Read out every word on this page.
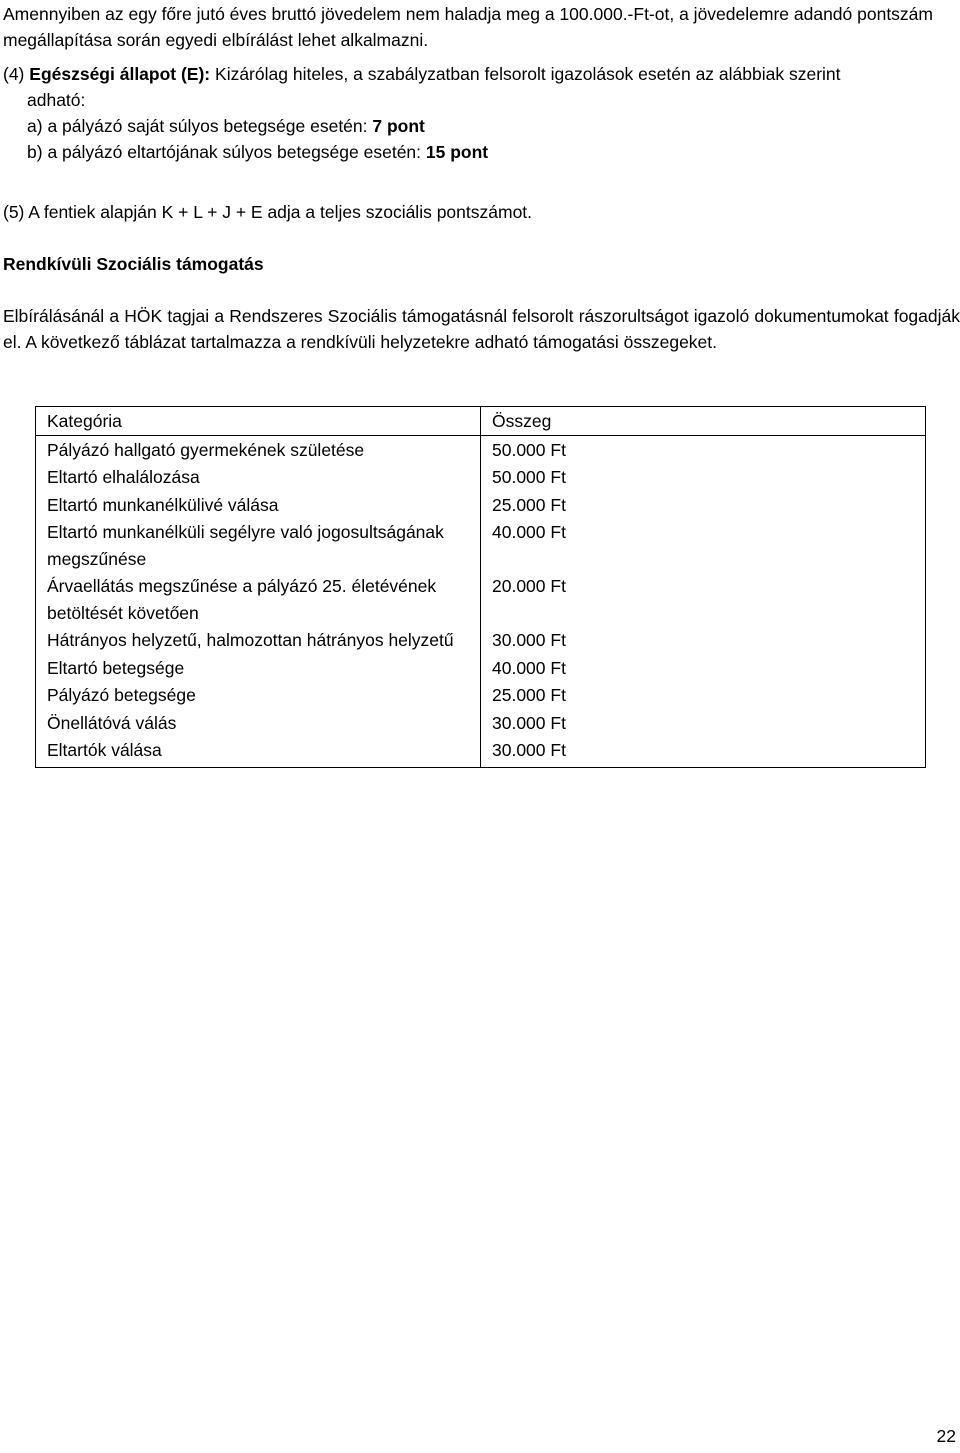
Amennyiben az egy főre jutó éves bruttó jövedelem nem haladja meg a 100.000.-Ft-ot, a jövedelemre adandó pontszám megállapítása során egyedi elbírálást lehet alkalmazni.

(4) Egészségi állapot (E): Kizárólag hiteles, a szabályzatban felsorolt igazolások esetén az alábbiak szerint
adható:
a) a pályázó saját súlyos betegsége esetén: 7 pont
b) a pályázó eltartójának súlyos betegsége esetén: 15 pont

(5) A fentiek alapján K + L + J + E adja a teljes szociális pontszámot.

Rendkívüli Szociális támogatás

Elbírálásánál a HÖK tagjai a Rendszeres Szociális támogatásnál felsorolt rászorultságot igazoló dokumentumokat fogadják el. A következő táblázat tartalmazza a rendkívüli helyzetekre adható támogatási összegeket.

Kategória	Összeg
Pályázó hallgató gyermekének születése	50.000 Ft
Eltartó elhalálozása	50.000 Ft
Eltartó munkanélkülivé válása	25.000 Ft
Eltartó munkanélküli segélyre való jogosultságának megszűnése	40.000 Ft
Árvaellátás megszűnése a pályázó 25. életévének betöltését követően	20.000 Ft
Hátrányos helyzetű, halmozottan hátrányos helyzetű	30.000 Ft
Eltartó betegsége	40.000 Ft
Pályázó betegsége	25.000 Ft
Önellátóvá válás	30.000 Ft
Eltartók válása	30.000 Ft

22
